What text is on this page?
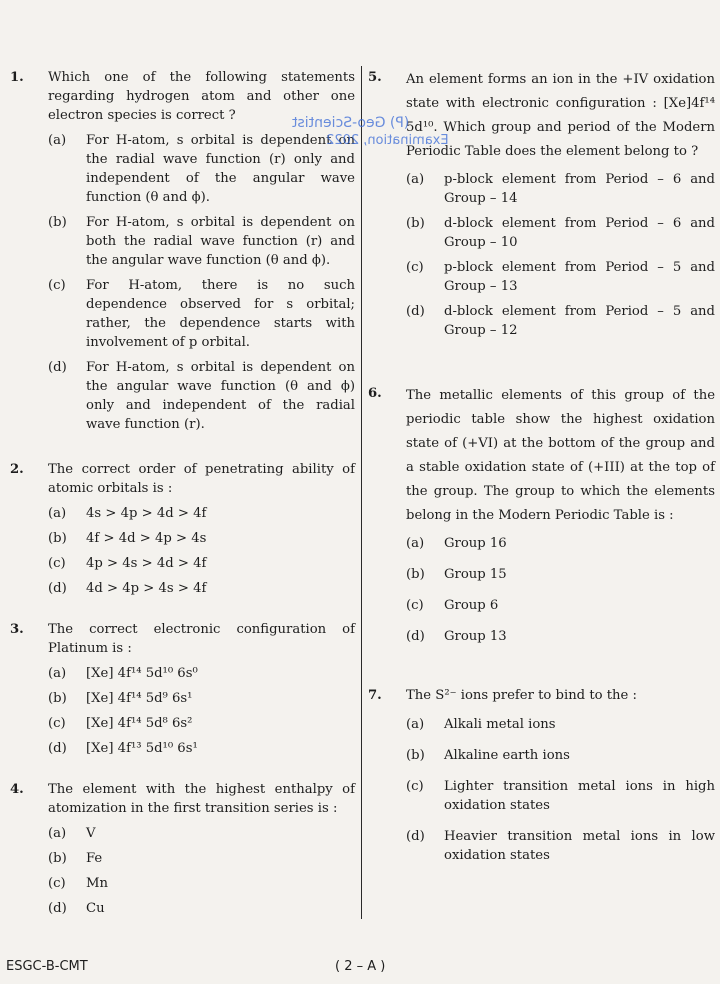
1.	Which one of the following statements regarding hydrogen atom and other one electron species is correct ?

(a) For H-atom, s orbital is dependent on the radial wave function (r) only and independent of the angular wave function (θ and ϕ).
(b) For H-atom, s orbital is dependent on both the radial wave function (r) and the angular wave function (θ and ϕ).
(c) For H-atom, there is no such dependence observed for s orbital; rather, the dependence starts with involvement of p orbital.
(d) For H-atom, s orbital is dependent on the angular wave function (θ and ϕ) only and independent of the radial wave function (r).
2.	The correct order of penetrating ability of atomic orbitals is :

(a) 4s > 4p > 4d > 4f
(b) 4f > 4d > 4p > 4s
(c) 4p > 4s > 4d > 4f
(d) 4d > 4p > 4s > 4f
3.	The correct electronic configuration of Platinum is :

(a) [Xe] 4f¹⁴ 5d¹⁰ 6s⁰
(b) [Xe] 4f¹⁴ 5d⁹ 6s¹
(c) [Xe] 4f¹⁴ 5d⁸ 6s²
(d) [Xe] 4f¹³ 5d¹⁰ 6s¹
4.	The element with the highest enthalpy of atomization in the first transition series is :

(a) V
(b) Fe
(c) Mn
(d) Cu
5.	An element forms an ion in the +IV oxidation state with electronic configuration : [Xe]4f¹⁴ 5d¹⁰. Which group and period of the Modern Periodic Table does the element belong to ?

(a) p-block element from Period – 6 and Group – 14
(b) d-block element from Period – 6 and Group – 10
(c) p-block element from Period – 5 and Group – 13
(d) d-block element from Period – 5 and Group – 12
6.	The metallic elements of this group of the periodic table show the highest oxidation state of (+VI) at the bottom of the group and a stable oxidation state of (+III) at the top of the group. The group to which the elements belong in the Modern Periodic Table is :

(a) Group 16
(b) Group 15
(c) Group 6
(d) Group 13
7.	The S²⁻ ions prefer to bind to the :

(a) Alkali metal ions
(b) Alkaline earth ions
(c) Lighter transition metal ions in high oxidation states
(d) Heavier transition metal ions in low oxidation states
(P) Geo-Scientist
Examination, 2022
ESGC-B-CMT	( 2 – A )
